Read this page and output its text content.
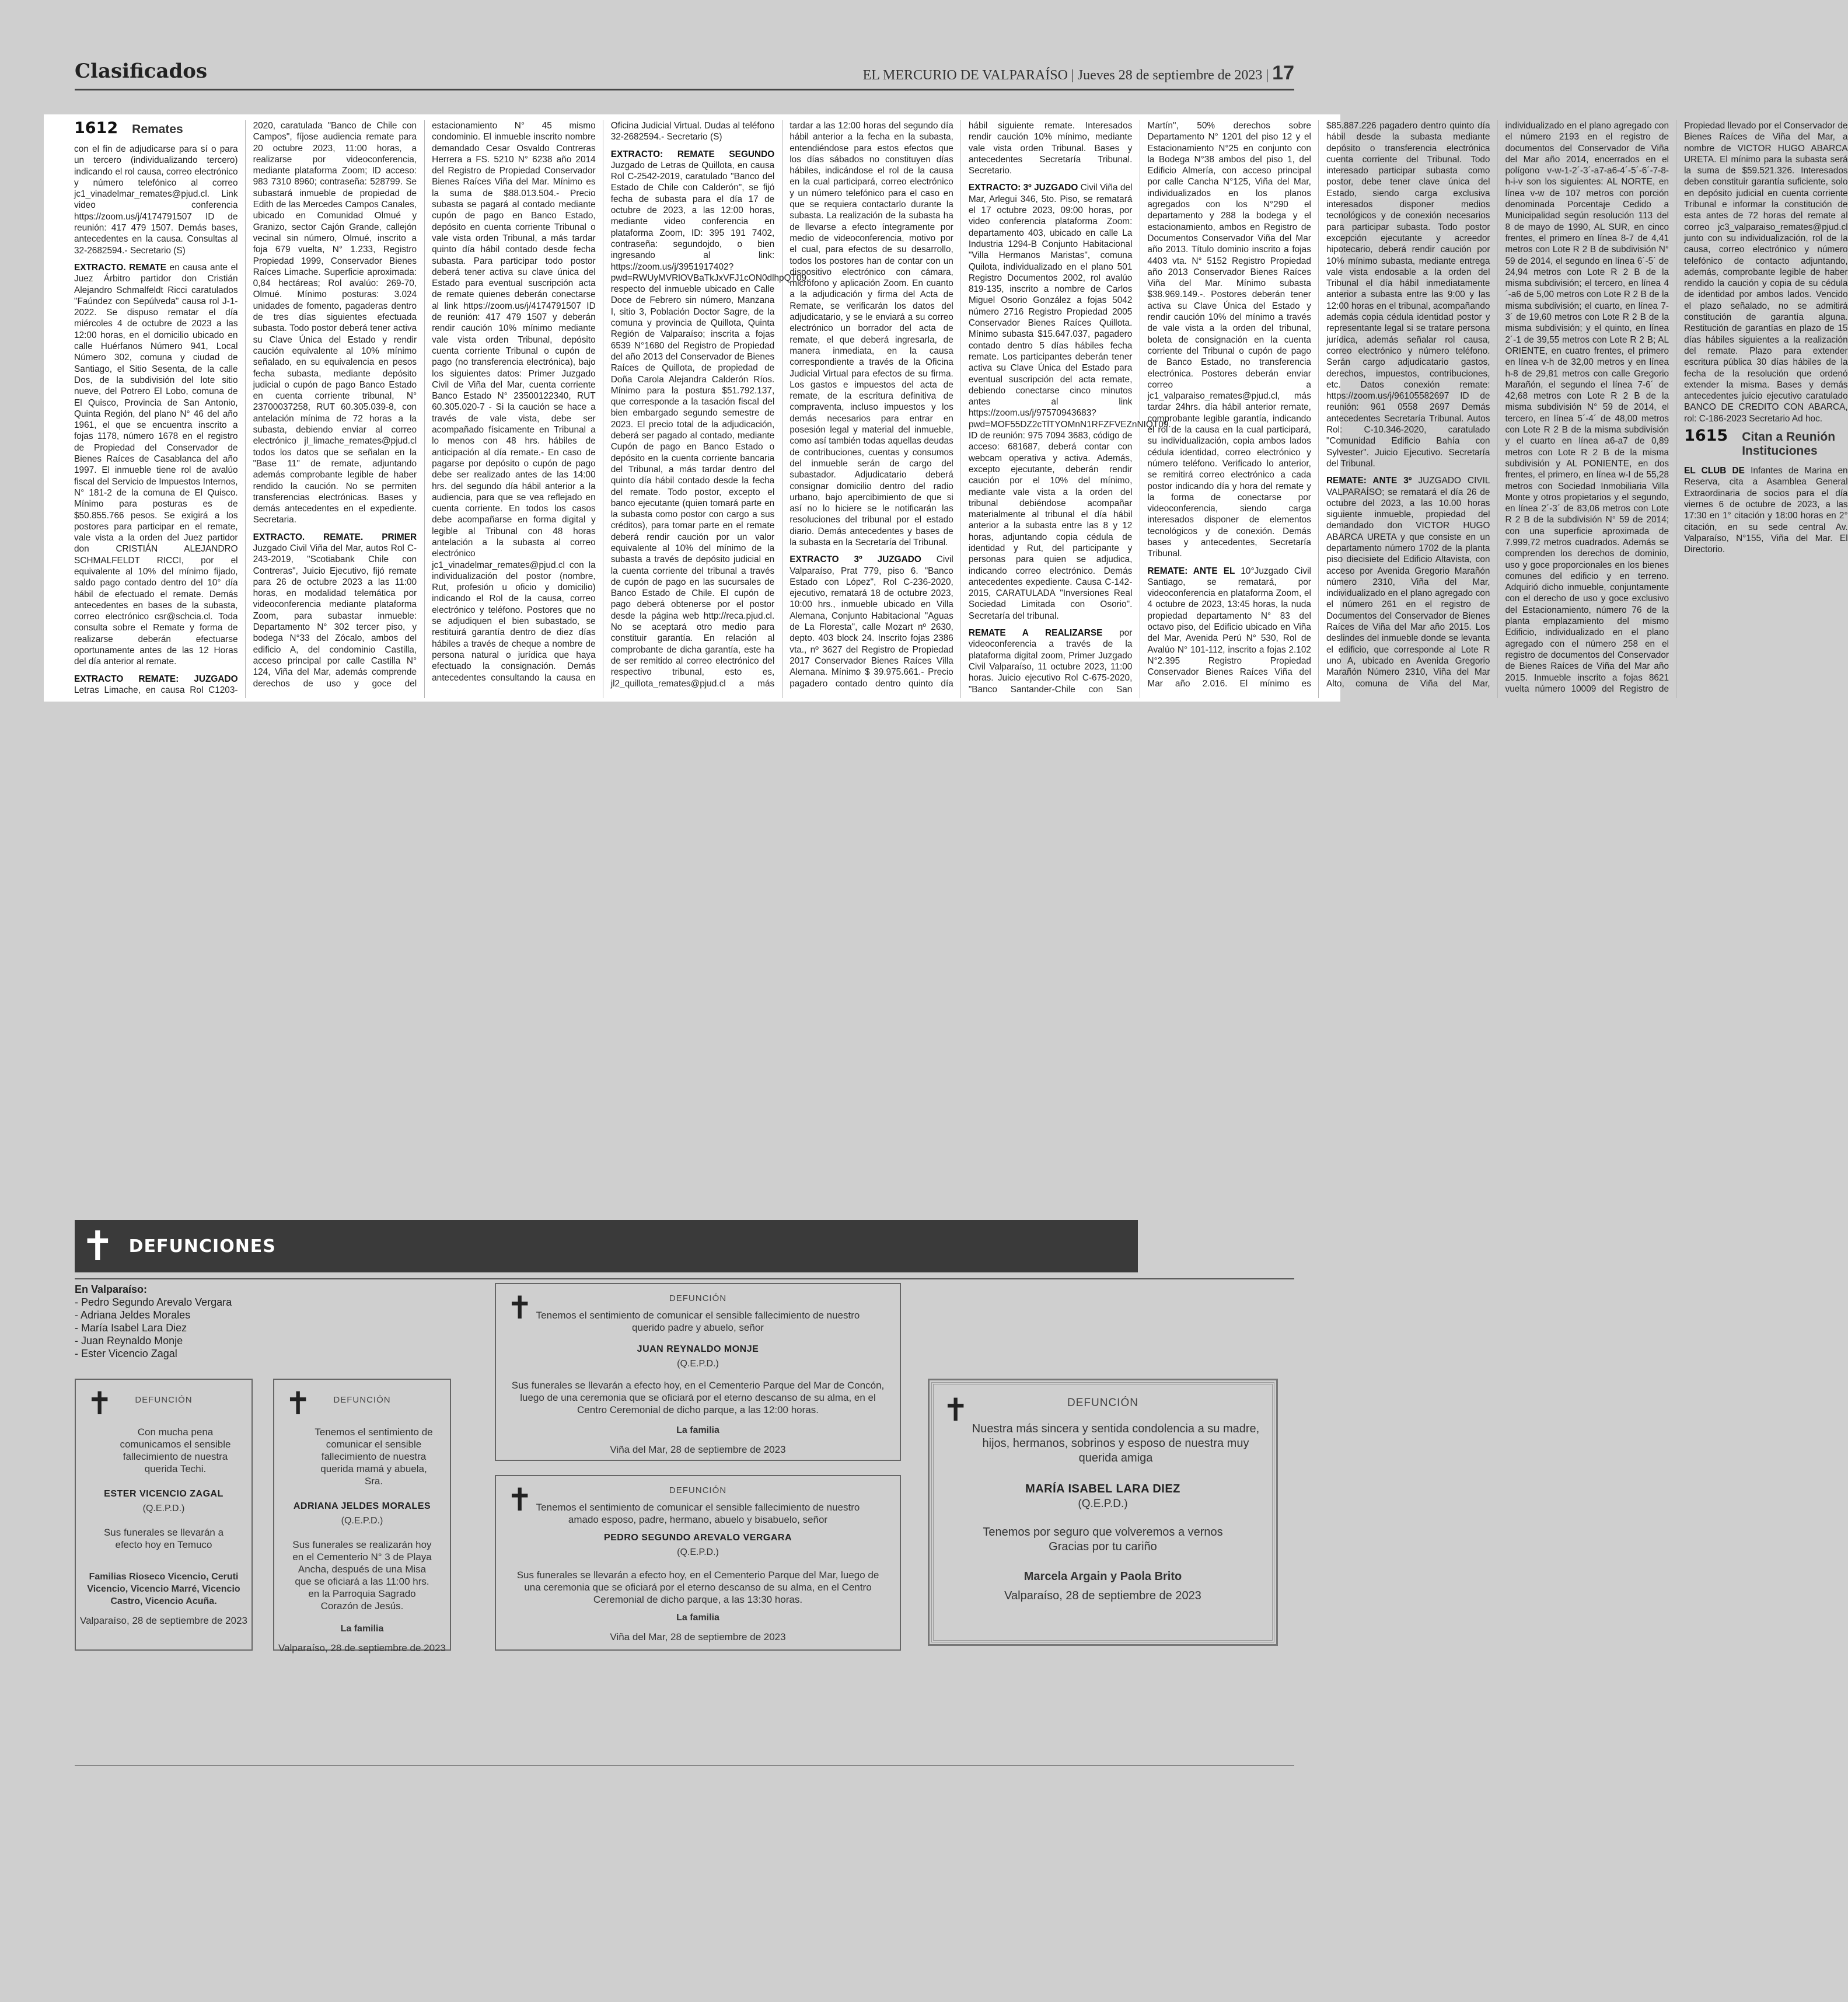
Clasificados	EL MERCURIO DE VALPARAÍSO | Jueves 28 de septiembre de 2023 | 17
1612 Remates

con el fin de adjudicarse para sí o para un tercero (individualizando tercero) indicando el rol causa, correo electrónico y número telefónico al correo jc1_vinadelmar_remates@pjud.cl. Link video conferencia https://zoom.us/j/4174791507 ID de reunión: 417 479 1507. Demás bases, antecedentes en la causa. Consultas al 32-2682594.- Secretario (S)

EXTRACTO. REMATE en causa ante el Juez Árbitro partidor don Cristián Alejandro Schmalfeldt Ricci caratulados "Faúndez con Sepúlveda" causa rol J-1-2022. Se dispuso rematar el día miércoles 4 de octubre de 2023 a las 12:00 horas, en el domicilio ubicado en calle Huérfanos Número 941, Local Número 302, comuna y ciudad de Santiago, el Sitio Sesenta, de la calle Dos, de la subdivisión del lote sitio nueve, del Potrero El Lobo, comuna de El Quisco, Provincia de San Antonio, Quinta Región, del plano N° 46 del año 1961, el que se encuentra inscrito a fojas 1178, número 1678 en el registro de Propiedad del Conservador de Bienes Raíces de Casablanca del año 1997. El inmueble tiene rol de avalúo fiscal del Servicio de Impuestos Internos, N° 181-2 de la comuna de El Quisco. Mínimo para posturas es de $50.855.766 pesos. Se exigirá a los postores para participar en el remate, vale vista a la orden del Juez partidor don CRISTIÁN ALEJANDRO SCHMALFELDT RICCI, por el equivalente al 10% del mínimo fijado, saldo pago contado dentro del 10° día hábil de efectuado el remate. Demás antecedentes en bases de la subasta, correo electrónico csr@schcia.cl. Toda consulta sobre el Remate y forma de realizarse deberán efectuarse oportunamente antes de las 12 Horas del día anterior al remate.

EXTRACTO REMATE: JUZGADO Letras Limache, en causa Rol C1203-2020, caratulada "Banco de Chile con Campos", fíjose audiencia remate para 20 octubre 2023, 11:00 horas, a realizarse por videoconferencia, mediante plataforma Zoom; ID acceso: 983 7310 8960; contraseña: 528799. Se subastará inmueble de propiedad de Edith de las Mercedes Campos Canales, ubicado en Comunidad Olmué y Granizo, sector Cajón Grande, callejón vecinal sin número, Olmué, inscrito a foja 679 vuelta, N° 1.233, Registro Propiedad 1999, Conservador Bienes Raíces Limache. Superficie aproximada: 0,84 hectáreas; Rol avalúo: 269-70, Olmué. Mínimo posturas: 3.024 unidades de fomento, pagaderas dentro de tres días siguientes efectuada subasta. Todo postor deberá tener activa su Clave Única del Estado y rendir caución equivalente al 10% mínimo señalado, en su equivalencia en pesos fecha subasta, mediante depósito judicial o cupón de pago Banco Estado en cuenta corriente tribunal, N° 23700037258, RUT 60.305.039-8, con antelación mínima de 72 horas a la subasta, debiendo enviar al correo electrónico jl_limache_remates@pjud.cl todos los datos que se señalan en la "Base 11" de remate, adjuntando además comprobante legible de haber rendido la caución. No se permiten transferencias electrónicas. Bases y demás antecedentes en el expediente. Secretaria.

EXTRACTO. REMATE. PRIMER Juzgado Civil Viña del Mar, autos Rol C-243-2019, "Scotiabank Chile con Contreras", Juicio Ejecutivo, fijó remate para 26 de octubre 2023 a las 11:00 horas, en modalidad telemática por videoconferencia mediante plataforma Zoom, para subastar inmueble: Departamento N° 302 tercer piso, y bodega N°33 del Zócalo, ambos del edificio A, del condominio Castilla, acceso principal por calle Castilla N° 124, Viña del Mar, además comprende derechos de uso y goce del estacionamiento N° 45 mismo condominio. El inmueble inscrito nombre demandado Cesar Osvaldo Contreras Herrera a FS. 5210 N° 6238 año 2014 del Registro de Propiedad Conservador Bienes Raíces Viña del Mar. Mínimo es la suma de $88.013.504.- Precio subasta se pagará al contado mediante cupón de pago en Banco Estado, depósito en cuenta corriente Tribunal o vale vista orden Tribunal, a más tardar quinto día hábil contado desde fecha subasta. Para participar todo postor deberá tener activa su clave única del Estado para eventual suscripción acta de remate quienes deberán conectarse al link https://zoom.us/j/4174791507 ID de reunión: 417 479 1507 y deberán rendir caución 10% mínimo mediante vale vista orden Tribunal, depósito cuenta corriente Tribunal o cupón de pago (no transferencia electrónica), bajo los siguientes datos: Primer Juzgado Civil de Viña del Mar, cuenta corriente Banco Estado N° 23500122340, RUT 60.305.020-7 - Si la caución se hace a través de vale vista, debe ser acompañado físicamente en Tribunal a lo menos con 48 hrs. hábiles de anticipación al día remate.- En caso de pagarse por depósito o cupón de pago debe ser realizado antes de las 14:00 hrs. del segundo día hábil anterior a la audiencia, para que se vea reflejado en cuenta corriente. En todos los casos debe acompañarse en forma digital y legible al Tribunal con 48 horas antelación a la subasta al correo electrónico jc1_vinadelmar_remates@pjud.cl con la individualización del postor (nombre, Rut, profesión u oficio y domicilio) indicando el Rol de la causa, correo electrónico y teléfono. Postores que no se adjudiquen el bien subastado, se restituirá garantía dentro de diez días hábiles a través de cheque a nombre de persona natural o jurídica que haya efectuado la consignación. Demás antecedentes consultando la causa en Oficina Judicial Virtual. Dudas al teléfono 32-2682594.- Secretario (S)

EXTRACTO: REMATE SEGUNDO Juzgado de Letras de Quillota, en causa Rol C-2542-2019, caratulado "Banco del Estado de Chile con Calderón", se fijó fecha de subasta para el día 17 de octubre de 2023, a las 12:00 horas, mediante video conferencia en plataforma Zoom, ID: 395 191 7402, contraseña: segundojdo, o bien ingresando al link: https://zoom.us/j/3951917402?pwd=RWUyMVRlOVBaTkJxVFJ1cON0dlhpQT09, respecto del inmueble ubicado en Calle Doce de Febrero sin número, Manzana I, sitio 3, Población Doctor Sagre, de la comuna y provincia de Quillota, Quinta Región de Valparaíso; inscrita a fojas 6539 N°1680 del Registro de Propiedad del año 2013 del Conservador de Bienes Raíces de Quillota, de propiedad de Doña Carola Alejandra Calderón Ríos. Mínimo para la postura $51.792.137, que corresponde a la tasación fiscal del bien embargado segundo semestre de 2023. El precio total de la adjudicación, deberá ser pagado al contado, mediante Cupón de pago en Banco Estado o depósito en la cuenta corriente bancaria del Tribunal, a más tardar dentro del quinto día hábil contado desde la fecha del remate. Todo postor, excepto el banco ejecutante (quien tomará parte en la subasta como postor con cargo a sus créditos), para tomar parte en el remate deberá rendir caución por un valor equivalente al 10% del mínimo de la subasta a través de depósito judicial en la cuenta corriente del tribunal a través de cupón de pago en las sucursales de Banco Estado de Chile. El cupón de pago deberá obtenerse por el postor desde la página web http://reca.pjud.cl. No se aceptará otro medio para constituir garantía. En relación al comprobante de dicha garantía, este ha de ser remitido al correo electrónico del respectivo tribunal, esto es, jl2_quillota_remates@pjud.cl a más tardar a las 12:00 horas del segundo día hábil anterior a la fecha en la subasta, entendiéndose para estos efectos que los días sábados no constituyen días hábiles, indicándose el rol de la causa en la cual participará, correo electrónico y un número telefónico para el caso en que se requiera contactarlo durante la subasta. La realización de la subasta ha de llevarse a efecto íntegramente por medio de videoconferencia, motivo por el cual, para efectos de su desarrollo, todos los postores han de contar con un dispositivo electrónico con cámara, micrófono y aplicación Zoom. En cuanto a la adjudicación y firma del Acta de Remate, se verificarán los datos del adjudicatario, y se le enviará a su correo electrónico un borrador del acta de remate, el que deberá ingresarla, de manera inmediata, en la causa correspondiente a través de la Oficina Judicial Virtual para efectos de su firma. Los gastos e impuestos del acta de remate, de la escritura definitiva de compraventa, incluso impuestos y los demás necesarios para entrar en posesión legal y material del inmueble, como así también todas aquellas deudas de contribuciones, cuentas y consumos del inmueble serán de cargo del subastador. Adjudicatario deberá consignar domicilio dentro del radio urbano, bajo apercibimiento de que si así no lo hiciere se le notificarán las resoluciones del tribunal por el estado diario. Demás antecedentes y bases de la subasta en la Secretaría del Tribunal.

EXTRACTO 3º JUZGADO Civil Valparaíso, Prat 779, piso 6. "Banco Estado con López", Rol C-236-2020, ejecutivo, rematará 18 de octubre 2023, 10:00 hrs., inmueble ubicado en Villa Alemana, Conjunto Habitacional "Aguas de La Floresta", calle Mozart nº 2630, depto. 403 block 24. Inscrito fojas 2386 vta., nº 3627 del Registro de Propiedad 2017 Conservador Bienes Raíces Villa Alemana. Mínimo $ 39.975.661.- Precio pagadero contado dentro quinto día hábil siguiente remate. Interesados rendir caución 10% mínimo, mediante vale vista orden Tribunal. Bases y antecedentes Secretaría Tribunal. Secretario.

EXTRACTO: 3º JUZGADO Civil Viña del Mar, Arlegui 346, 5to. Piso, se rematará el 17 octubre 2023, 09:00 horas, por video conferencia plataforma Zoom: departamento 403, ubicado en calle La Industria 1294-B Conjunto Habitacional "Villa Hermanos Maristas", comuna Quilota, individualizado en el plano 501 Registro Documentos 2002, rol avalúo 819-135, inscrito a nombre de Carlos Miguel Osorio González a fojas 5042 número 2716 Registro Propiedad 2005 Conservador Bienes Raíces Quillota. Mínimo subasta $15.647.037, pagadero contado dentro 5 días hábiles fecha remate. Los participantes deberán tener activa su Clave Única del Estado para eventual suscripción del acta remate, debiendo conectarse cinco minutos antes al link https://zoom.us/j/97570943683?pwd=MOF55DZ2cTlTYOMnN1RFZFVEZnNIQT09. ID de reunión: 975 7094 3683, código de acceso: 681687, deberá contar con webcam operativa y activa. Además, excepto ejecutante, deberán rendir caución por el 10% del mínimo, mediante vale vista a la orden del tribunal debiéndose acompañar materialmente al tribunal el día hábil anterior a la subasta entre las 8 y 12 horas, adjuntando copia cédula de identidad y Rut, del participante y personas para quien se adjudica, indicando correo electrónico. Demás antecedentes expediente. Causa C-142-2015, CARATULADA "Inversiones Real Sociedad Limitada con Osorio". Secretaría del tribunal.

REMATE A REALIZARSE por videoconferencia a través de la plataforma digital zoom, Primer Juzgado Civil Valparaíso, 11 octubre 2023, 11:00 horas. Juicio ejecutivo Rol C-675-2020, "Banco Santander-Chile con San Martín", 50% derechos sobre Departamento N° 1201 del piso 12 y el Estacionamiento N°25 en conjunto con la Bodega N°38 ambos del piso 1, del Edificio Almería, con acceso principal por calle Cancha N°125, Viña del Mar, individualizados en los planos agregados con los N°290 el departamento y 288 la bodega y el estacionamiento, ambos en Registro de Documentos Conservador Viña del Mar año 2013. Título dominio inscrito a fojas 4403 vta. N° 5152 Registro Propiedad año 2013 Conservador Bienes Raíces Viña del Mar. Mínimo subasta $38.969.149.-. Postores deberán tener activa su Clave Única del Estado y rendir caución 10% del mínimo a través de vale vista a la orden del tribunal, boleta de consignación en la cuenta corriente del Tribunal o cupón de pago de Banco Estado, no transferencia electrónica. Postores deberán enviar correo a jc1_valparaiso_remates@pjud.cl, más tardar 24hrs. día hábil anterior remate, comprobante legible garantía, indicando el rol de la causa en la cual participará, su individualización, copia ambos lados cédula identidad, correo electrónico y número teléfono. Verificado lo anterior, se remitirá correo electrónico a cada postor indicando día y hora del remate y la forma de conectarse por videoconferencia, siendo carga interesados disponer de elementos tecnológicos y de conexión. Demás bases y antecedentes, Secretaría Tribunal.

REMATE: ANTE EL 10°Juzgado Civil Santiago, se rematará, por videoconferencia en plataforma Zoom, el 4 octubre de 2023, 13:45 horas, la nuda propiedad departamento N° 83 del octavo piso, del Edificio ubicado en Viña del Mar, Avenida Perú N° 530, Rol de Avalúo N° 101-112, inscrito a fojas 2.102 N°2.395 Registro Propiedad Conservador Bienes Raíces Viña del Mar año 2.016. El mínimo es $85.887.226 pagadero dentro quinto día hábil desde la subasta mediante depósito o transferencia electrónica cuenta corriente del Tribunal. Todo interesado participar subasta como postor, debe tener clave única del Estado, siendo carga exclusiva interesados disponer medios tecnológicos y de conexión necesarios para participar subasta. Todo postor excepción ejecutante y acreedor hipotecario, deberá rendir caución por 10% mínimo subasta, mediante entrega vale vista endosable a la orden del Tribunal el día hábil inmediatamente anterior a subasta entre las 9:00 y las 12:00 horas en el tribunal, acompañando además copia cédula identidad postor y representante legal si se tratare persona jurídica, además señalar rol causa, correo electrónico y número teléfono. Serán cargo adjudicatario gastos, derechos, impuestos, contribuciones, etc. Datos conexión remate: https://zoom.us/j/96105582697 ID de reunión: 961 0558 2697 Demás antecedentes Secretaría Tribunal. Autos Rol: C-10.346-2020, caratulado "Comunidad Edificio Bahía con Sylvester". Juicio Ejecutivo. Secretaría del Tribunal.

REMATE: ANTE 3º JUZGADO CIVIL VALPARAÍSO; se rematará el día 26 de octubre del 2023, a las 10.00 horas siguiente inmueble, propiedad del demandado don VICTOR HUGO ABARCA URETA y que consiste en un departamento número 1702 de la planta piso diecisiete del Edificio Altavista, con acceso por Avenida Gregorio Marañón número 2310, Viña del Mar, individualizado en el plano agregado con el número 261 en el registro de Documentos del Conservador de Bienes Raíces de Viña del Mar año 2015. Los deslindes del inmueble donde se levanta el edificio, que corresponde al Lote R uno A, ubicado en Avenida Gregorio Marañón Número 2310, Viña del Mar Alto, comuna de Viña del Mar, individualizado en el plano agregado con el número 2193 en el registro de documentos del Conservador de Viña del Mar año 2014, encerrados en el polígono v-w-1-2´-3´-a7-a6-4´-5´-6´-7-8-h-i-v son los siguientes: AL NORTE, en línea v-w de 107 metros con porción denominada Porcentaje Cedido a Municipalidad según resolución 113 del 8 de mayo de 1990, AL SUR, en cinco frentes, el primero en línea 8-7 de 4,41 metros con Lote R 2 B de subdivisión N° 59 de 2014, el segundo en línea 6´-5´ de 24,94 metros con Lote R 2 B de la misma subdivisión; el tercero, en línea 4´-a6 de 5,00 metros con Lote R 2 B de la misma subdivisión; el cuarto, en línea 7-3´ de 19,60 metros con Lote R 2 B de la misma subdivisión; y el quinto, en línea 2´-1 de 39,55 metros con Lote R 2 B; AL ORIENTE, en cuatro frentes, el primero en línea v-h de 32,00 metros y en línea h-8 de 29,81 metros con calle Gregorio Marañón, el segundo el línea 7-6´ de 42,68 metros con Lote R 2 B de la misma subdivisión N° 59 de 2014, el tercero, en línea 5´-4´ de 48,00 metros con Lote R 2 B de la misma subdivisión y el cuarto en línea a6-a7 de 0,89 metros con Lote R 2 B de la misma subdivisión y AL PONIENTE, en dos frentes, el primero, en línea w-I de 55,28 metros con Sociedad Inmobiliaria Villa Monte y otros propietarios y el segundo, en línea 2´-3´ de 83,06 metros con Lote R 2 B de la subdivisión N° 59 de 2014; con una superficie aproximada de 7.999,72 metros cuadrados. Además se comprenden los derechos de dominio, uso y goce proporcionales en los bienes comunes del edificio y en terreno. Adquirió dicho inmueble, conjuntamente con el derecho de uso y goce exclusivo del Estacionamiento, número 76 de la planta emplazamiento del mismo Edificio, individualizado en el plano agregado con el número 258 en el registro de documentos del Conservador de Bienes Raíces de Viña del Mar año 2015. Inmueble inscrito a fojas 8621 vuelta número 10009 del Registro de Propiedad llevado por el Conservador de Bienes Raíces de Viña del Mar, a nombre de VICTOR HUGO ABARCA URETA. El mínimo para la subasta será la suma de $59.521.326. Interesados deben constituir garantía suficiente, solo en depósito judicial en cuenta corriente Tribunal e informar la constitución de esta antes de 72 horas del remate al correo jc3_valparaiso_remates@pjud.cl junto con su individualización, rol de la causa, correo electrónico y número telefónico de contacto adjuntando, además, comprobante legible de haber rendido la caución y copia de su cédula de identidad por ambos lados. Vencido el plazo señalado, no se admitirá constitución de garantía alguna. Restitución de garantías en plazo de 15 días hábiles siguientes a la realización del remate. Plazo para extender escritura pública 30 días hábiles de la fecha de la resolución que ordenó extender la misma. Bases y demás antecedentes juicio ejecutivo caratulado BANCO DE CREDITO CON ABARCA, rol: C-186-2023 Secretario Ad hoc.

1615 Citan a Reunión Instituciones

EL CLUB DE Infantes de Marina en Reserva, cita a Asamblea General Extraordinaria de socios para el día viernes 6 de octubre de 2023, a las 17:30 en 1° citación y 18:00 horas en 2° citación, en su sede central Av. Valparaíso, N°155, Viña del Mar. El Directorio.

✝ DEFUNCIONES
En Valparaíso:
- Pedro Segundo Arevalo Vergara
- Adriana Jeldes Morales
- María Isabel Lara Diez
- Juan Reynaldo Monje
- Ester Vicencio Zagal
✝	DEFUNCIÓN
Con mucha pena comunicamos el sensible fallecimiento de nuestra querida Techi.
ESTER VICENCIO ZAGAL
(Q.E.P.D.)
Sus funerales se llevarán a efecto hoy en Temuco
Familias Rioseco Vicencio, Ceruti Vicencio, Vicencio Marré, Vicencio Castro, Vicencio Acuña.
Valparaíso, 28 de septiembre de 2023
✝	DEFUNCIÓN
Tenemos el sentimiento de comunicar el sensible fallecimiento de nuestra querida mamá y abuela, Sra.
ADRIANA JELDES MORALES
(Q.E.P.D.)
Sus funerales se realizarán hoy en el Cementerio N° 3 de Playa Ancha, después de una Misa que se oficiará a las 11:00 hrs. en la Parroquia Sagrado Corazón de Jesús.
La familia
Valparaíso, 28 de septiembre de 2023
✝	DEFUNCIÓN
Tenemos el sentimiento de comunicar el sensible fallecimiento de nuestro querido padre y abuelo, señor
JUAN REYNALDO MONJE
(Q.E.P.D.)
Sus funerales se llevarán a efecto hoy, en el Cementerio Parque del Mar de Concón, luego de una ceremonia que se oficiará por el eterno descanso de su alma, en el Centro Ceremonial de dicho parque, a las 12:00 horas.
La familia
Viña del Mar, 28 de septiembre de 2023
✝	DEFUNCIÓN
Tenemos el sentimiento de comunicar el sensible fallecimiento de nuestro amado esposo, padre, hermano, abuelo y bisabuelo, señor
PEDRO SEGUNDO AREVALO VERGARA
(Q.E.P.D.)
Sus funerales se llevarán a efecto hoy, en el Cementerio Parque del Mar, luego de una ceremonia que se oficiará por el eterno descanso de su alma, en el Centro Ceremonial de dicho parque, a las 13:30 horas.
La familia
Viña del Mar, 28 de septiembre de 2023
✝	DEFUNCIÓN
Nuestra más sincera y sentida condolencia a su madre, hijos, hermanos, sobrinos y esposo de nuestra muy querida amiga
MARÍA ISABEL LARA DIEZ
(Q.E.P.D.)
Tenemos por seguro que volveremos a vernos Gracias por tu cariño
Marcela Argain y Paola Brito
Valparaíso, 28 de septiembre de 2023
